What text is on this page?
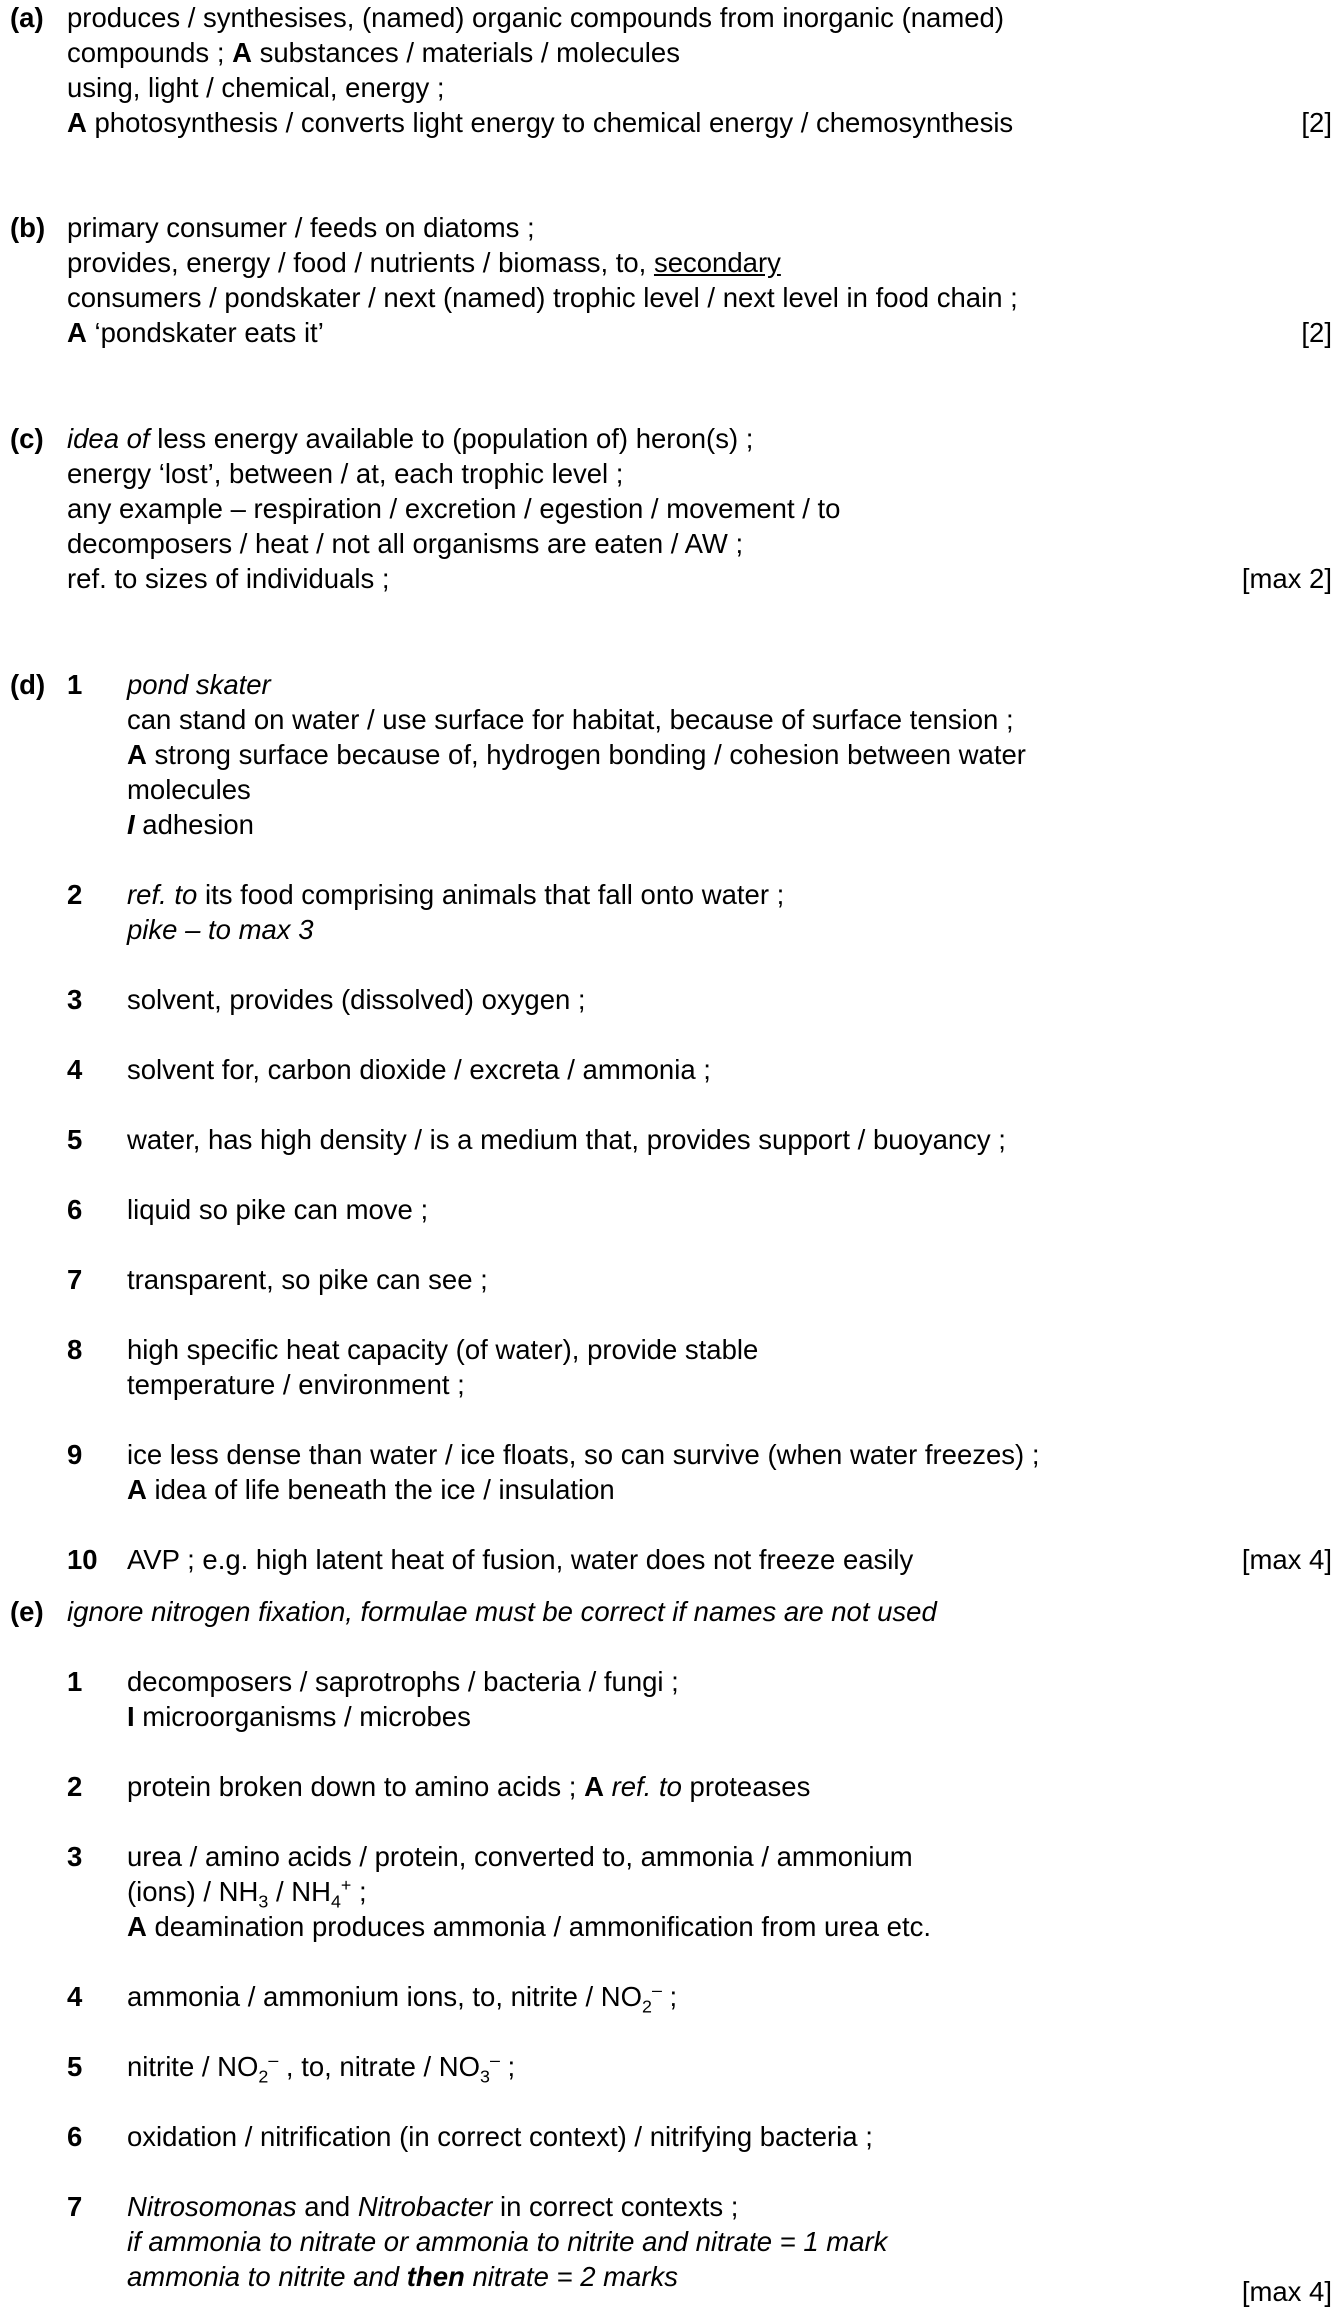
(a) produces / synthesises, (named) organic compounds from inorganic (named)

compounds ; A substances / materials / molecules

using, light / chemical, energy ;

A photosynthesis / converts light energy to chemical energy / chemosynthesis	[2]
(b) primary consumer / feeds on diatoms ;

provides, energy / food / nutrients / biomass, to, secondary

consumers / pondskater / next (named) trophic level / next level in food chain ;

A ‘pondskater eats it’	[2]
(c) idea of less energy available to (population of) heron(s) ;

energy ‘lost’, between / at, each trophic level ;

any example – respiration / excretion / egestion / movement / to

decomposers / heat / not all organisms are eaten / AW ;

ref. to sizes of individuals ;	[max 2]
(d) 1	pond skater

can stand on water / use surface for habitat, because of surface tension ;

A strong surface because of, hydrogen bonding / cohesion between water

molecules

I adhesion

2	ref. to its food comprising animals that fall onto water ;

pike – to max 3

3	solvent, provides (dissolved) oxygen ;

4	solvent for, carbon dioxide / excreta / ammonia ;

5	water, has high density / is a medium that, provides support / buoyancy ;

6	liquid so pike can move ;

7	transparent, so pike can see ;

8	high specific heat capacity (of water), provide stable

temperature / environment ;

9	ice less dense than water / ice floats, so can survive (when water freezes) ;

A idea of life beneath the ice / insulation

10	AVP ; e.g. high latent heat of fusion, water does not freeze easily	[max 4]
(e) ignore nitrogen fixation, formulae must be correct if names are not used

1	decomposers / saprotrophs / bacteria / fungi ;

I microorganisms / microbes

2	protein broken down to amino acids ; A ref. to proteases

3	urea / amino acids / protein, converted to, ammonia / ammonium

(ions) / $NH_3 / NH_4^+$ ;

A deamination produces ammonia / ammonification from urea etc.

4	ammonia / ammonium ions, to, nitrite / $NO_2^-$ ;

5	nitrite / $NO_2^-$ , to, nitrate / $NO_3^-$ ;

6	oxidation / nitrification (in correct context) / nitrifying bacteria ;

7	Nitrosomonas and Nitrobacter in correct contexts ;

if ammonia to nitrate or ammonia to nitrite and nitrate = 1 mark

ammonia to nitrite and then nitrate = 2 marks	[max 4]
